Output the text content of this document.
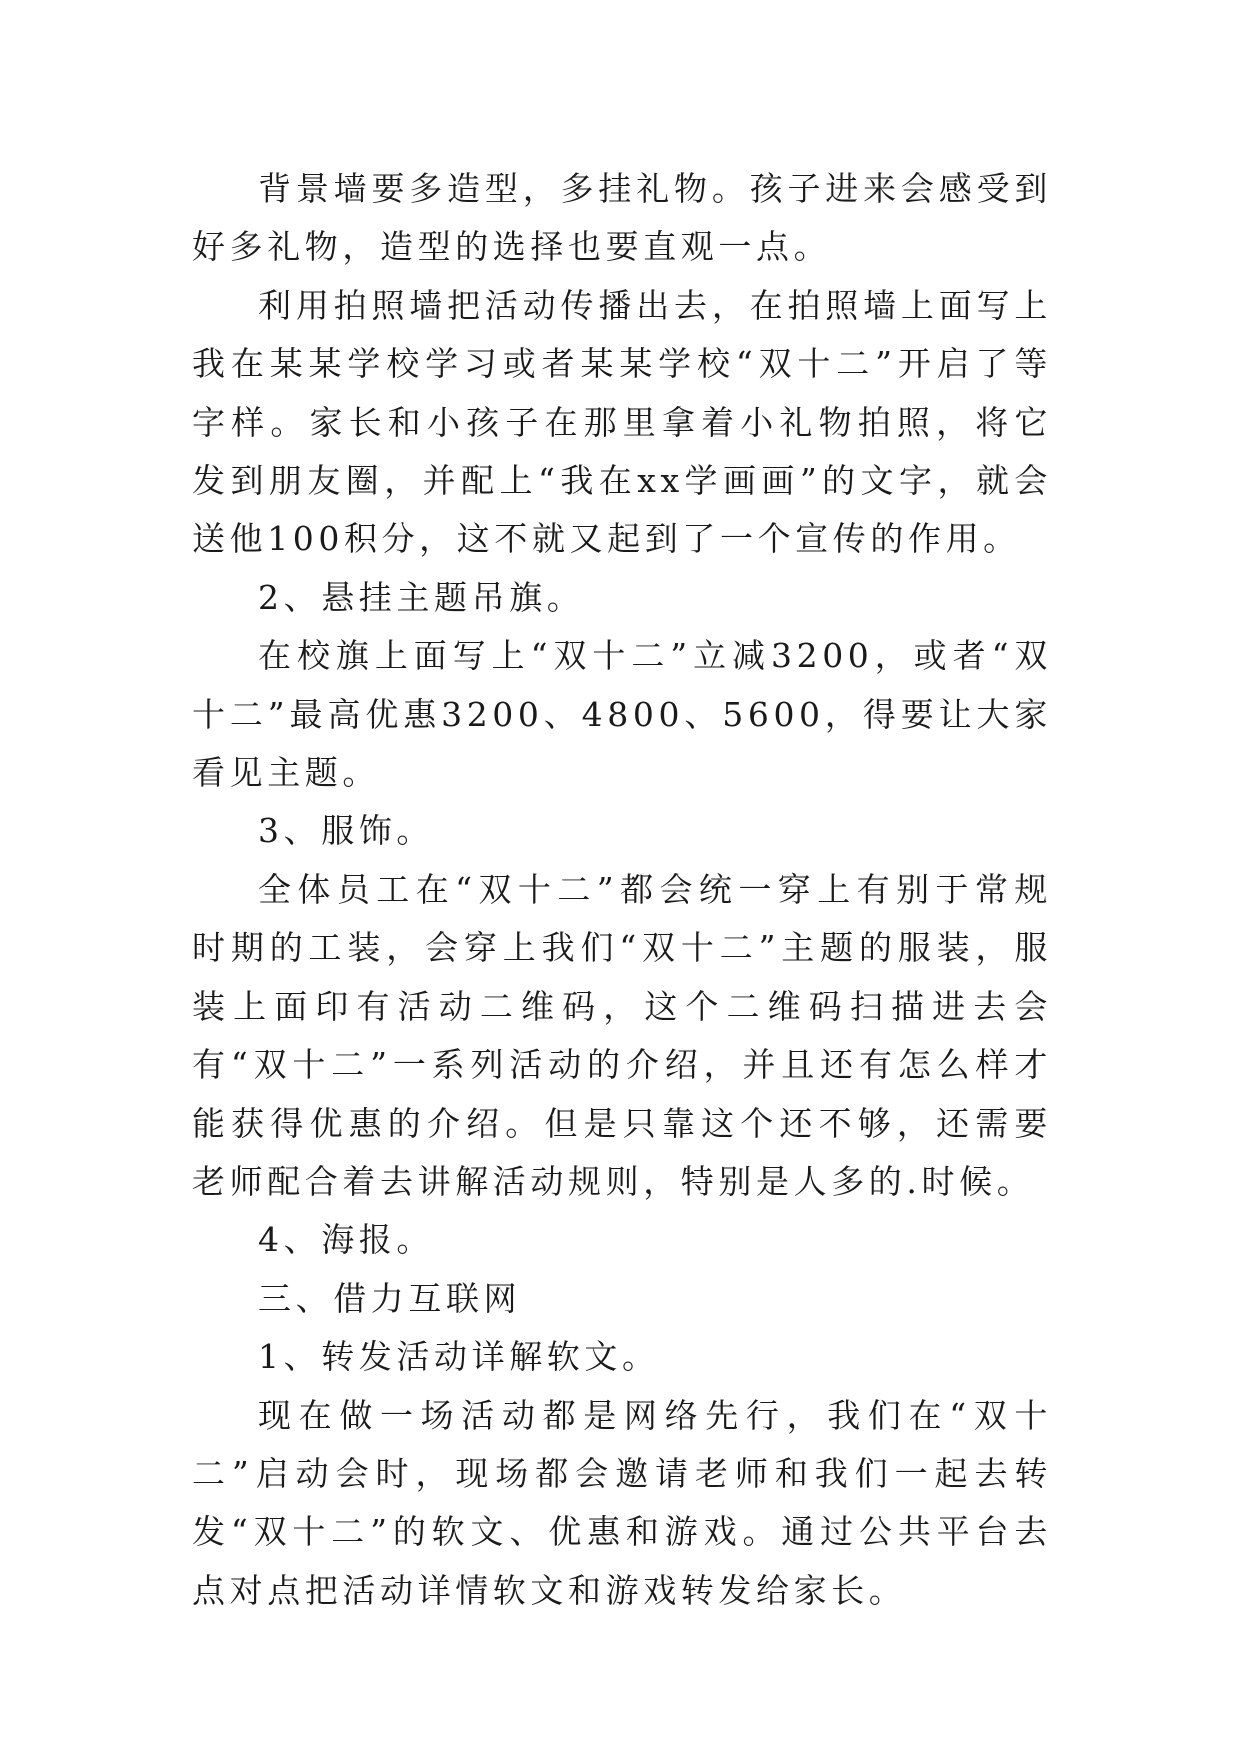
背景墙要多造型，多挂礼物。孩子进来会感受到好多礼物，造型的选择也要直观一点。

利用拍照墙把活动传播出去，在拍照墙上面写上我在某某学校学习或者某某学校“双十二”开启了等字样。家长和小孩子在那里拿着小礼物拍照，将它发到朋友圈，并配上“我在xx学画画”的文字，就会送他100积分，这不就又起到了一个宣传的作用。

2、悬挂主题吊旗。

在校旗上面写上“双十二”立减3200，或者“双十二”最高优惠3200、4800、5600，得要让大家看见主题。

3、服饰。

全体员工在“双十二”都会统一穿上有别于常规时期的工装，会穿上我们“双十二”主题的服装，服装上面印有活动二维码，这个二维码扫描进去会有“双十二”一系列活动的介绍，并且还有怎么样才能获得优惠的介绍。但是只靠这个还不够，还需要老师配合着去讲解活动规则，特别是人多的.时候。

4、海报。

三、借力互联网

1、转发活动详解软文。

现在做一场活动都是网络先行，我们在“双十二”启动会时，现场都会邀请老师和我们一起去转发“双十二”的软文、优惠和游戏。通过公共平台去点对点把活动详情软文和游戏转发给家长。
